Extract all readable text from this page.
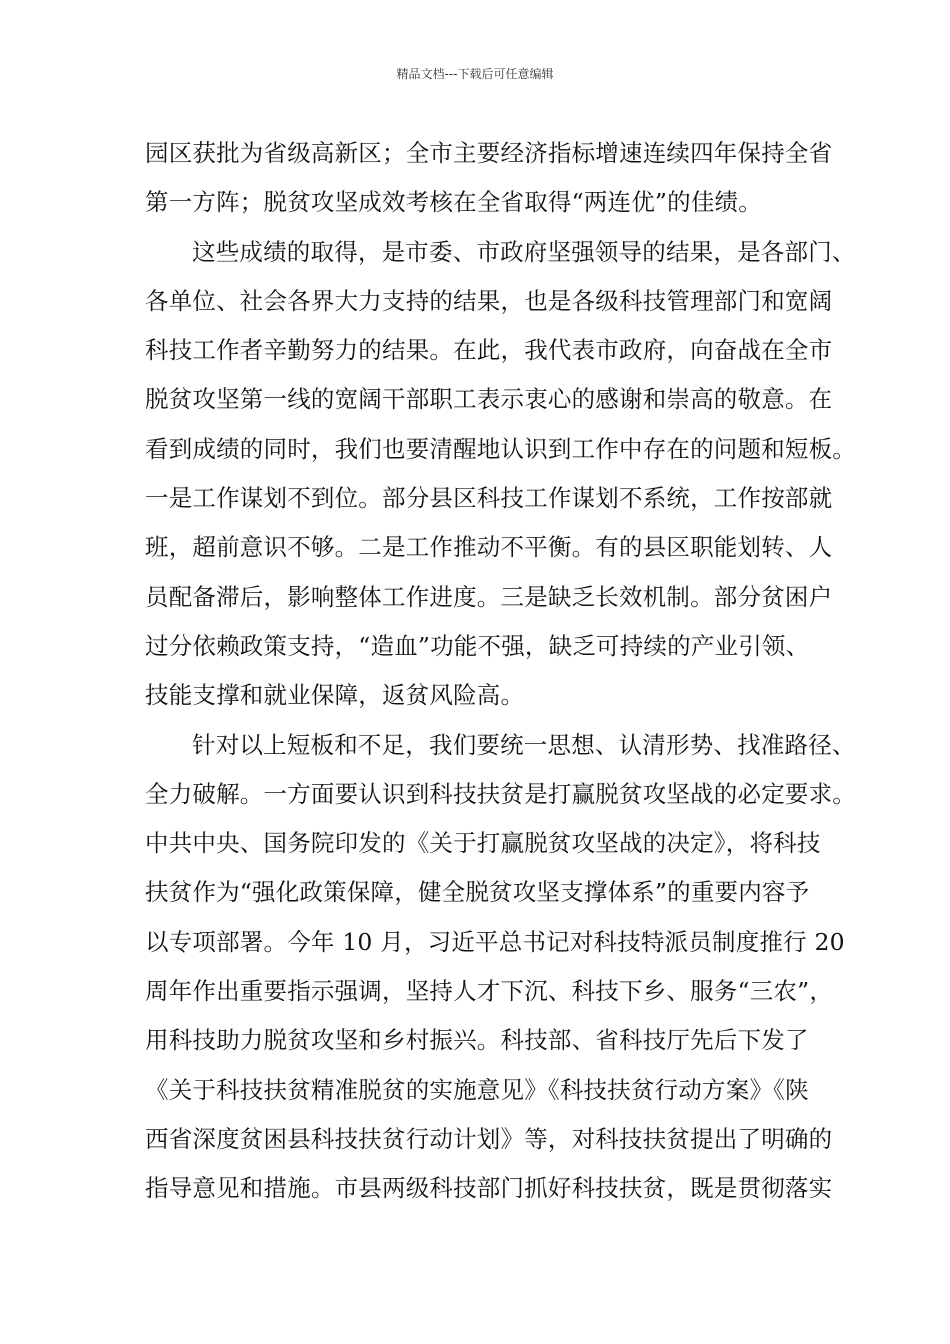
精品文档---下载后可任意编辑
园区获批为省级高新区；全市主要经济指标增速连续四年保持全省
第一方阵；脱贫攻坚成效考核在全省取得“两连优”的佳绩。
这些成绩的取得，是市委、市政府坚强领导的结果，是各部门、
各单位、社会各界大力支持的结果，也是各级科技管理部门和宽阔
科技工作者辛勤努力的结果。在此，我代表市政府，向奋战在全市
脱贫攻坚第一线的宽阔干部职工表示衷心的感谢和崇高的敬意。在
看到成绩的同时，我们也要清醒地认识到工作中存在的问题和短板。
一是工作谋划不到位。部分县区科技工作谋划不系统，工作按部就
班，超前意识不够。二是工作推动不平衡。有的县区职能划转、人
员配备滞后，影响整体工作进度。三是缺乏长效机制。部分贫困户
过分依赖政策支持，“造血”功能不强，缺乏可持续的产业引领、
技能支撑和就业保障，返贫风险高。
针对以上短板和不足，我们要统一思想、认清形势、找准路径、
全力破解。一方面要认识到科技扶贫是打赢脱贫攻坚战的必定要求。
中共中央、国务院印发的《关于打赢脱贫攻坚战的决定》，将科技
扶贫作为“强化政策保障，健全脱贫攻坚支撑体系”的重要内容予
以专项部署。今年 10 月，习近平总书记对科技特派员制度推行 20
周年作出重要指示强调，坚持人才下沉、科技下乡、服务“三农”，
用科技助力脱贫攻坚和乡村振兴。科技部、省科技厅先后下发了
《关于科技扶贫精准脱贫的实施意见》《科技扶贫行动方案》《陕
西省深度贫困县科技扶贫行动计划》等，对科技扶贫提出了明确的
指导意见和措施。市县两级科技部门抓好科技扶贫，既是贯彻落实
